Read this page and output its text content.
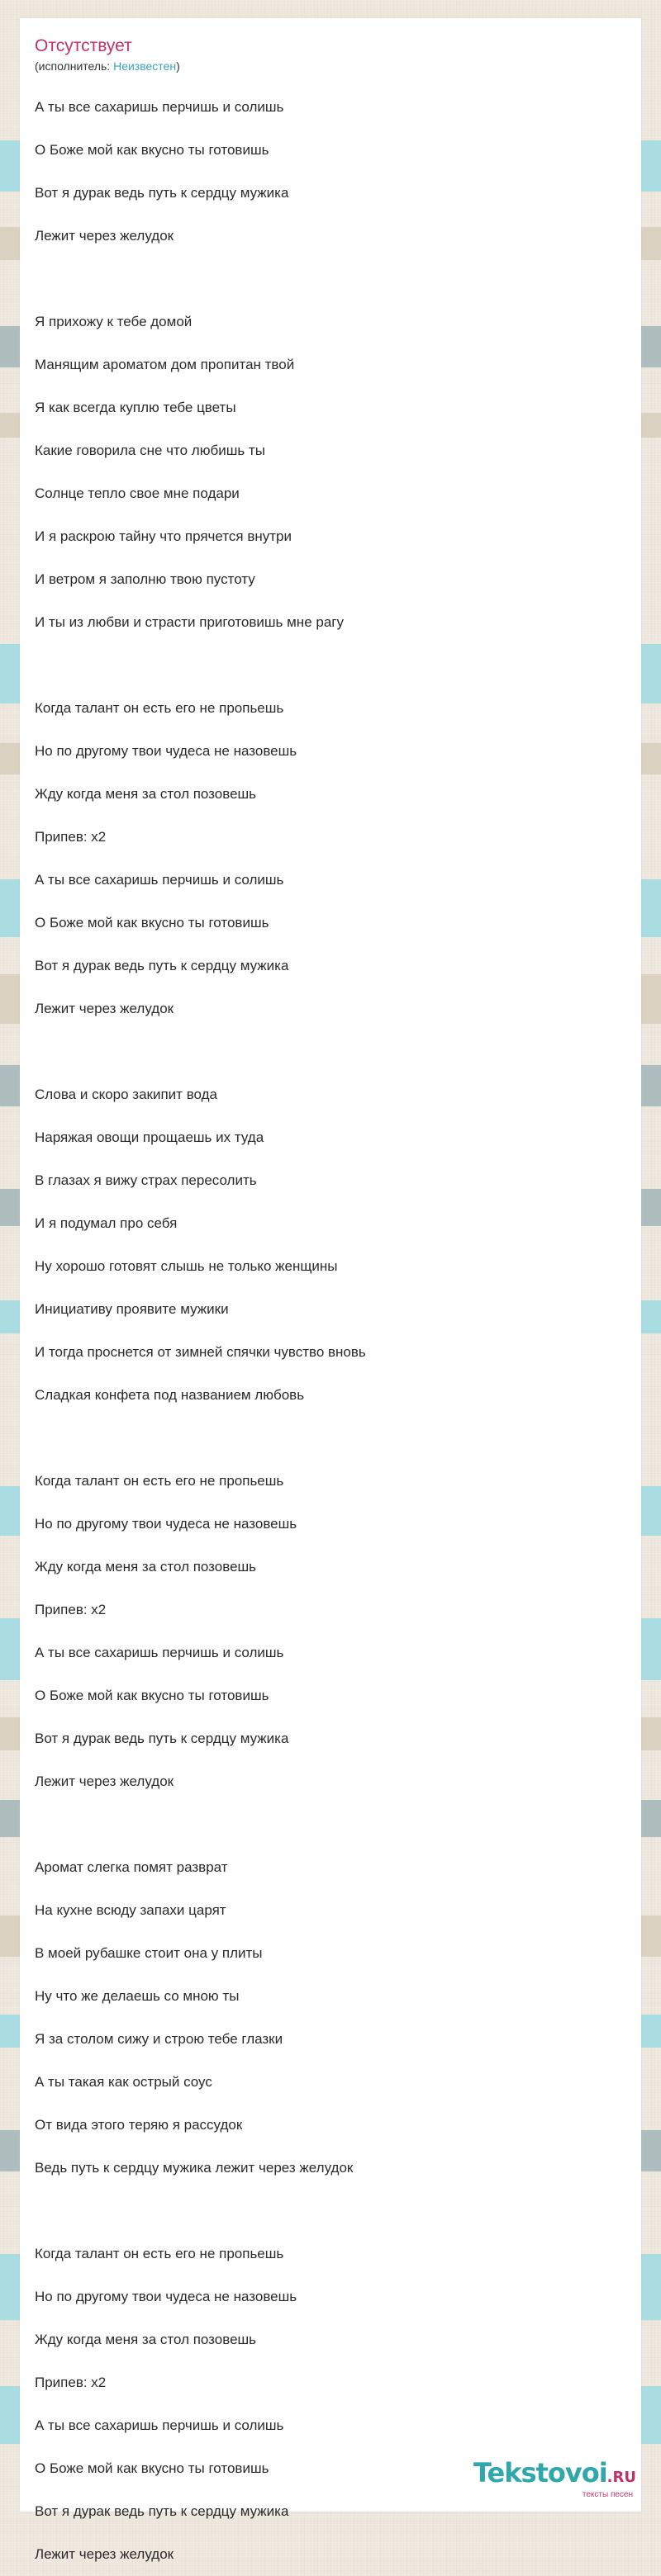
Отсутствует
(исполнитель: Неизвестен)
А ты все сахаришь перчишь и солишь
О Боже мой как вкусно ты готовишь
Вот я дурак ведь путь к сердцу мужика
Лежит через желудок
Я прихожу к тебе домой
Манящим ароматом дом пропитан твой
Я как всегда куплю тебе цветы
Какие говорила сне что любишь ты
Солнце тепло свое мне подари
И я раскрою тайну что прячется внутри
И ветром я заполню твою пустоту
И ты из любви и страсти приготовишь мне рагу
Когда талант он есть его не пропьешь
Но по другому твои чудеса не назовешь
Жду когда меня за стол позовешь
Припев: x2
А ты все сахаришь перчишь и солишь
О Боже мой как вкусно ты готовишь
Вот я дурак ведь путь к сердцу мужика
Лежит через желудок
Слова и скоро закипит вода
Наряжая овощи прощаешь их туда
В глазах я вижу страх пересолить
И я подумал про себя
Ну хорошо готовят слышь не только женщины
Инициативу проявите мужики
И тогда проснется от зимней спячки чувство вновь
Сладкая конфета под названием любовь
Когда талант он есть его не пропьешь
Но по другому твои чудеса не назовешь
Жду когда меня за стол позовешь
Припев: x2
А ты все сахаришь перчишь и солишь
О Боже мой как вкусно ты готовишь
Вот я дурак ведь путь к сердцу мужика
Лежит через желудок
Аромат слегка помят разврат
На кухне всюду запахи царят
В моей рубашке стоит она у плиты
Ну что же делаешь со мною ты
Я за столом сижу и строю тебе глазки
А ты такая как острый соус
От вида этого теряю я рассудок
Ведь путь к сердцу мужика лежит через желудок
Когда талант он есть его не пропьешь
Но по другому твои чудеса не назовешь
Жду когда меня за стол позовешь
Припев: x2
А ты все сахаришь перчишь и солишь
О Боже мой как вкусно ты готовишь
Вот я дурак ведь путь к сердцу мужика
Лежит через желудок
Tekstovoi.RU
тексты песен
